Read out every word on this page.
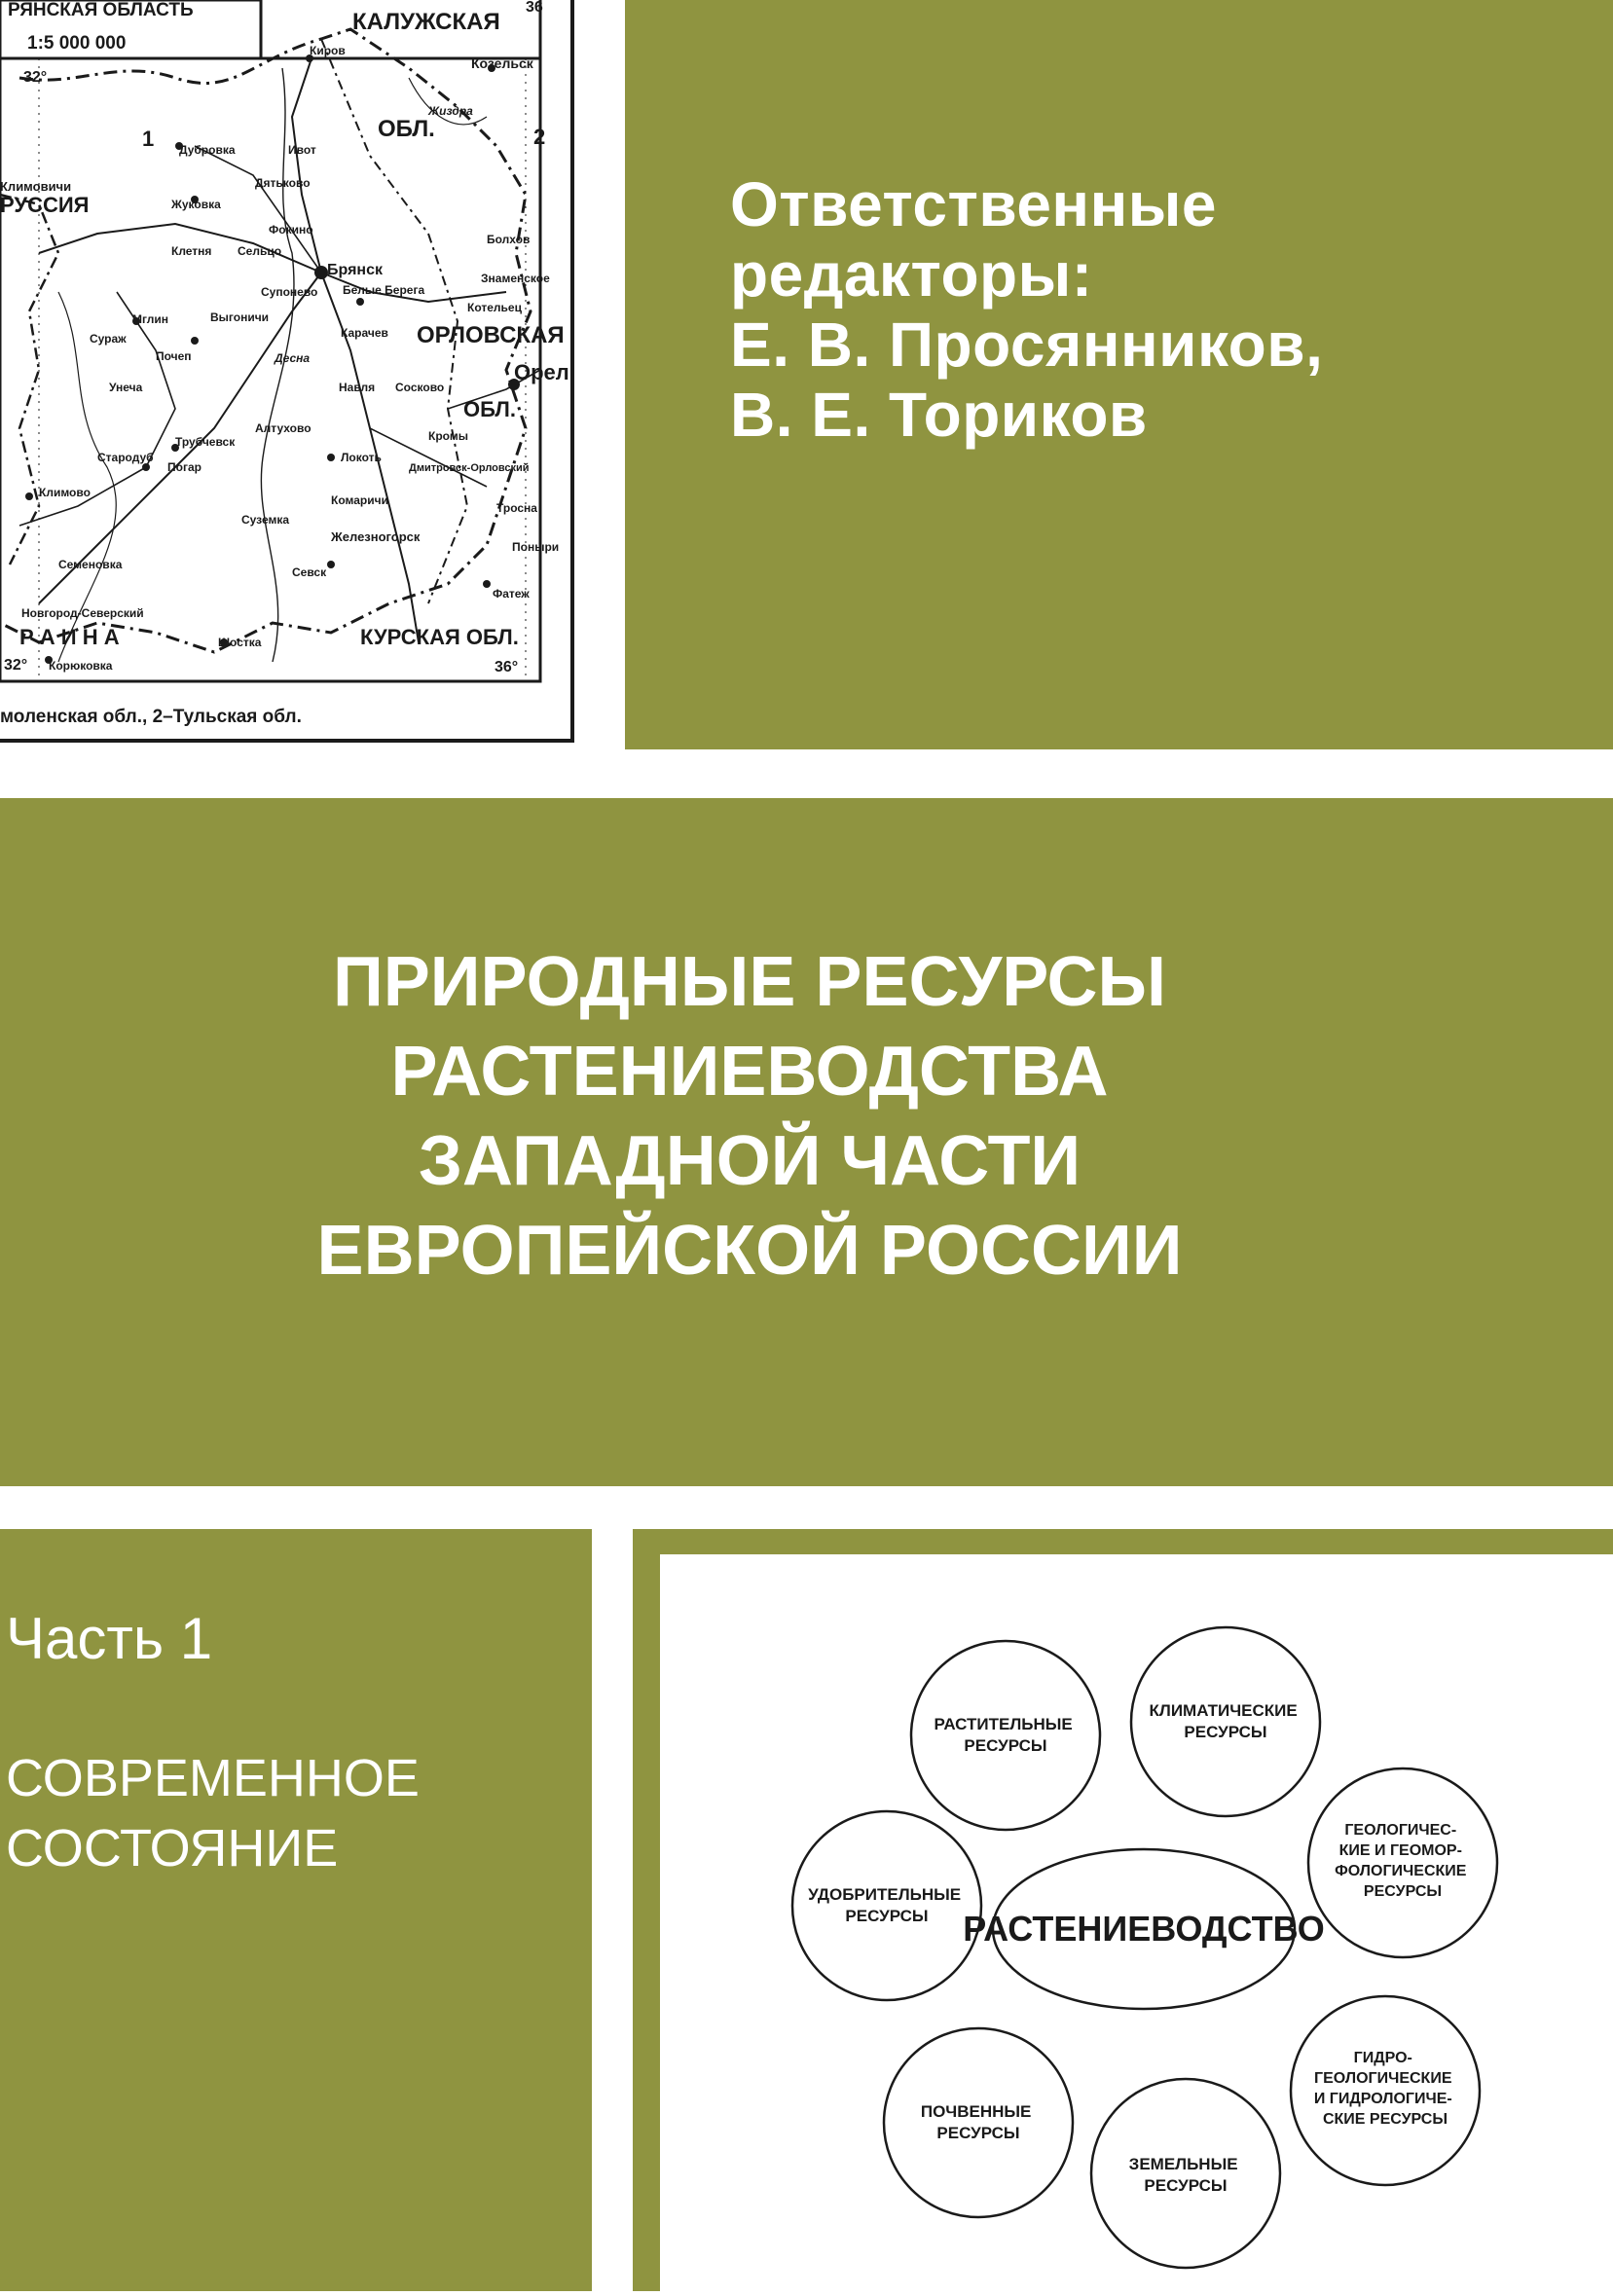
РЯНСКАЯ ОБЛАСТЬ
1:5 000 000
КАЛУЖСКАЯ
36
Киров
Козельск
Жиздра
32°
1	2
ОБЛ.
Дубровка	Ивот
Дятьково
Жуковка
Климовичи
РУССИЯ
Фокино
Клетня Сельцо
Болхов
Брянск	Знаменское
Белые Берега
Котельец
Супонево
Мглин	Выгоничи
Карачев ОРЛОВСКАЯ
Сураж
Почеп	Десна
Унеча	Навля Сосково
Орел
ОБЛ.
Кромы
Алтухово
Трубчевск
Стародуб
Погар
Локоть
Дмитровск-Орловский
Климово
Комаричи
Тросна
Суземка
Железногорск
Поныри
Семеновка
Севск
Фатеж
Новгород-Северский
Р А И Н А	Шостка	КУРСКАЯ ОБЛ.
32° Корюковка	36°
моленская обл., 2–Тульская обл.
Ответственные
редакторы:
Е. В. Просянников,
В. Е. Ториков
ПРИРОДНЫЕ РЕСУРСЫ
РАСТЕНИЕВОДСТВА
ЗАПАДНОЙ ЧАСТИ
ЕВРОПЕЙСКОЙ РОССИИ
Часть 1
СОВРЕМЕННОЕ
СОСТОЯНИЕ
РАСТЕНИЕВОДСТВО
РАСТИТЕЛЬНЫЕ РЕСУРСЫ
КЛИМАТИЧЕСКИЕ РЕСУРСЫ
ГЕОЛОГИЧЕС- КИЕ И ГЕОМОР- ФОЛОГИЧЕСКИЕ РЕСУРСЫ
ГИДРО- ГЕОЛОГИЧЕСКИЕ И ГИДРОЛОГИЧЕ- СКИЕ РЕСУРСЫ
ЗЕМЕЛЬНЫЕ РЕСУРСЫ
ПОЧВЕННЫЕ РЕСУРСЫ
УДОБРИТЕЛЬНЫЕ РЕСУРСЫ
